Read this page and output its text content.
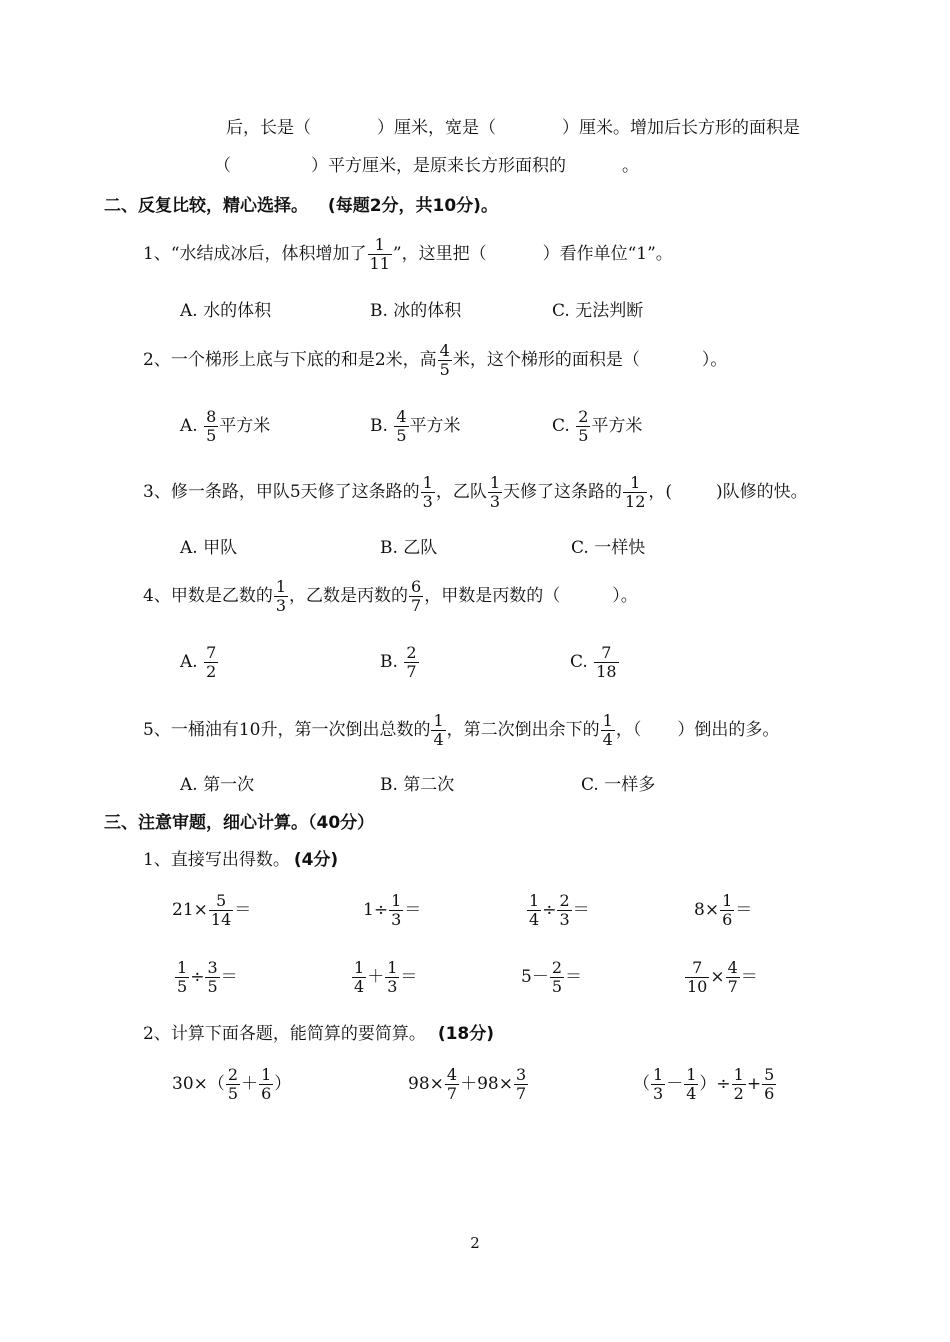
后，长是（	）厘米，宽是（	）厘米。增加后长方形的面积是
（	）平方厘米，是原来长方形面积的	。
二、反复比较，精心选择。 (每题2分，共10分)。
1、“水结成冰后，体积增加了 $\frac{1}{11}$ ”，这里把（	）看作单位“1”。
A. 水的体积	B. 冰的体积	C. 无法判断
2、一个梯形上底与下底的和是2米，高 $\frac{4}{5}$ 米，这个梯形的面积是（	）。
A. $\frac{8}{5}$ 平方米	B. $\frac{4}{5}$ 平方米	C. $\frac{2}{5}$ 平方米
3、修一条路，甲队5天修了这条路的 $\frac{1}{3}$ ，乙队 $\frac{1}{3}$ 天修了这条路的 $\frac{1}{12}$ ，(	)队修的快。
A. 甲队	B. 乙队	C. 一样快
4、甲数是乙数的 $\frac{1}{3}$ ，乙数是丙数的 $\frac{6}{7}$ ，甲数是丙数的（	）。
A. $\frac{7}{2}$	B. $\frac{2}{7}$	C. $\frac{7}{18}$
5、一桶油有10升，第一次倒出总数的 $\frac{1}{4}$ ，第二次倒出余下的 $\frac{1}{4}$ ，（ ）倒出的多。
A. 第一次	B. 第二次	C. 一样多
三、注意审题，细心计算。（40分）
1、直接写出得数。 (4分)
$21\times \frac{5}{14}$ ＝	$1\div \frac{1}{3}$ ＝	$\frac{1}{4} \div \frac{2}{3}$ ＝	$8\times \frac{1}{6}$ ＝
$\frac{1}{5} \div \frac{3}{5}$ ＝	$\frac{1}{4} + \frac{1}{3}$ ＝	$5- \frac{2}{5}$ ＝	$\frac{7}{10} \times \frac{4}{7}$ ＝
2、计算下面各题，能简算的要简算。 (18分)
$30\times( \frac{2}{5} + \frac{1}{6}$ ）	$98\times \frac{4}{7} +98\times \frac{3}{7}$	（ $\frac{1}{3} - \frac{1}{4}$ ）÷ $\frac{1}{2} + \frac{5}{6}$
2
